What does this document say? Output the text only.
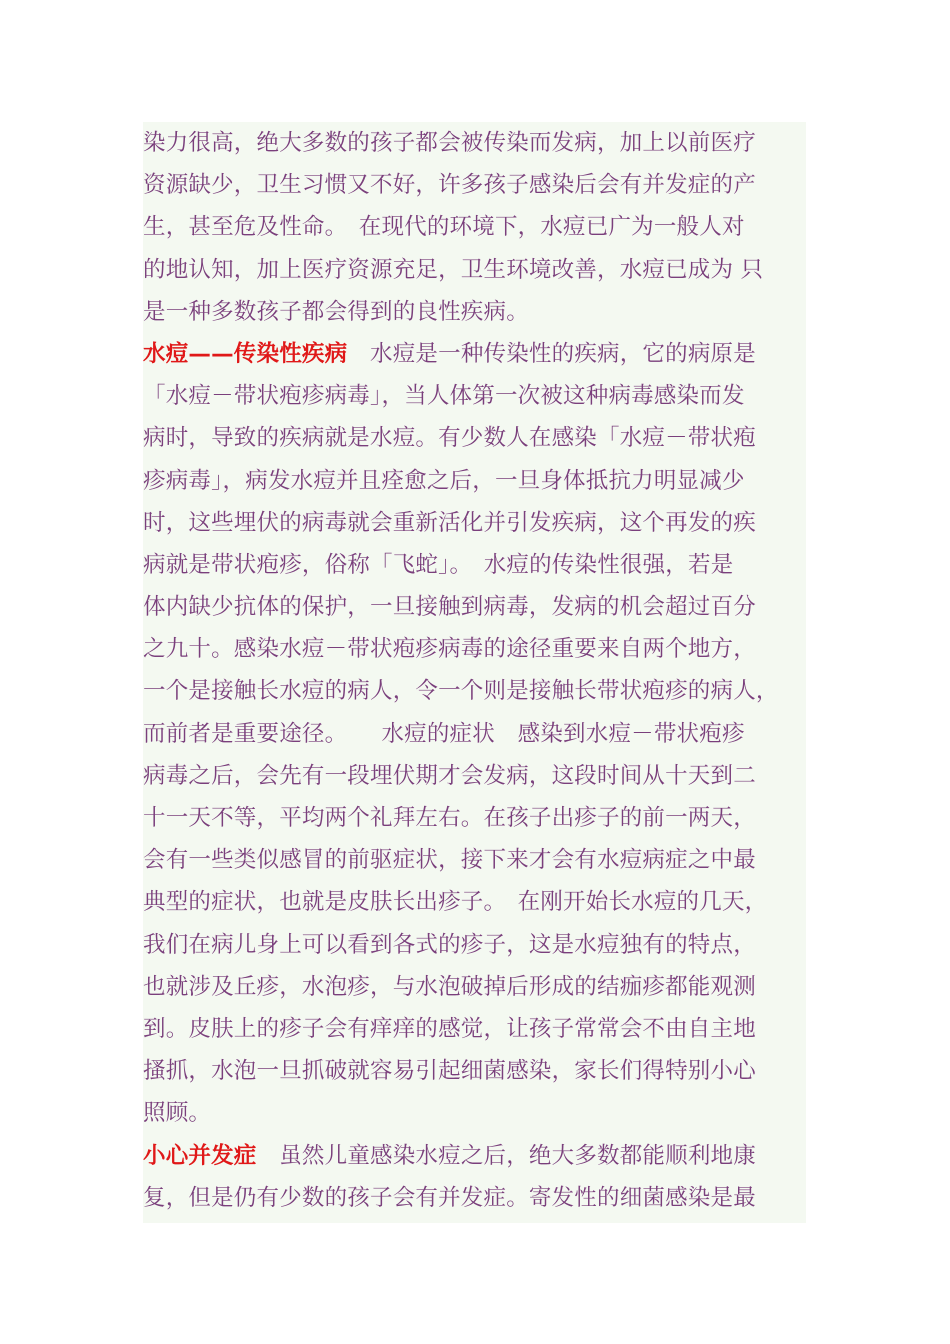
染力很高，绝大多数的孩子都会被传染而发病，加上以前医疗
资源缺少，卫生习惯又不好，许多孩子感染后会有并发症的产
生，甚至危及性命。　在现代的环境下，水痘已广为一般人对
的地认知，加上医疗资源充足，卫生环境改善，水痘已成为 只
是一种多数孩子都会得到的良性疾病。
水痘——传染性疾病　水痘是一种传染性的疾病，它的病原是
「水痘－带状疱疹病毒」，当人体第一次被这种病毒感染而发
病时，导致的疾病就是水痘。有少数人在感染「水痘－带状疱
疹病毒」，病发水痘并且痊愈之后，一旦身体抵抗力明显减少
时，这些埋伏的病毒就会重新活化并引发疾病，这个再发的疾
病就是带状疱疹，俗称「飞蛇」。　水痘的传染性很强，若是
体内缺少抗体的保护，一旦接触到病毒，发病的机会超过百分
之九十。感染水痘－带状疱疹病毒的途径重要来自两个地方，
一个是接触长水痘的病人，令一个则是接触长带状疱疹的病人，
而前者是重要途径。　　水痘的症状　感染到水痘－带状疱疹
病毒之后，会先有一段埋伏期才会发病，这段时间从十天到二
十一天不等，平均两个礼拜左右。在孩子出疹子的前一两天，
会有一些类似感冒的前驱症状，接下来才会有水痘病症之中最
典型的症状，也就是皮肤长出疹子。　在刚开始长水痘的几天，
我们在病儿身上可以看到各式的疹子，这是水痘独有的特点，
也就涉及丘疹，水泡疹，与水泡破掉后形成的结痂疹都能观测
到。皮肤上的疹子会有痒痒的感觉，让孩子常常会不由自主地
搔抓，水泡一旦抓破就容易引起细菌感染，家长们得特别小心
照顾。
小心并发症　虽然儿童感染水痘之后，绝大多数都能顺利地康
复，但是仍有少数的孩子会有并发症。寄发性的细菌感染是最
